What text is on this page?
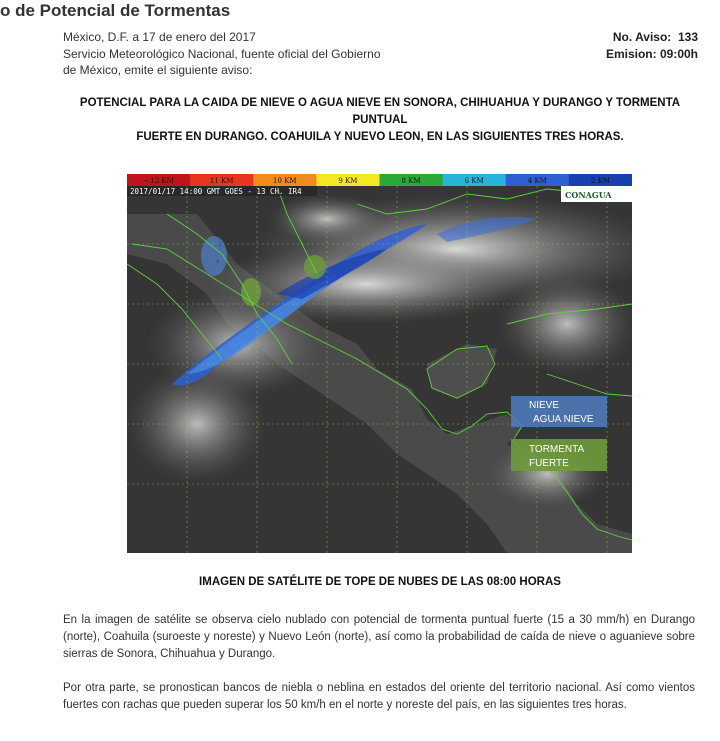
o de Potencial de Tormentas
México, D.F. a 17 de enero del 2017
Servicio Meteorológico Nacional, fuente oficial del Gobierno
de México, emite el siguiente aviso:
No. Aviso: 133
Emision: 09:00h
POTENCIAL PARA LA CAIDA DE NIEVE O AGUA NIEVE EN SONORA, CHIHUAHUA Y DURANGO Y TORMENTA PUNTUAL
FUERTE EN DURANGO. COAHUILA Y NUEVO LEON, EN LAS SIGUIENTES TRES HORAS.
*
*
-- 12 KM	11 KM	10 KM	9 KM	8 KM	6 KM	4 KM	2 KM
2017/01/17 14:00 GMT GOES - 13 CH. IR4	CONAGUA
NIEVE
AGUA NIEVE
TORMENTA
FUERTE
IMAGEN DE SATÉLITE DE TOPE DE NUBES DE LAS 08:00 HORAS

En la imagen de satélite se observa cielo nublado con potencial de tormenta puntual fuerte (15 a 30 mm/h) en Durango (norte), Coahuila (suroeste y noreste) y Nuevo León (norte), así como la probabilidad de caída de nieve o aguanieve sobre sierras de Sonora, Chihuahua y Durango.

Por otra parte, se pronostican bancos de niebla o neblina en estados del oriente del territorio nacional. Así como vientos fuertes con rachas que pueden superar los 50 km/h en el norte y noreste del país, en las siguientes tres horas.
